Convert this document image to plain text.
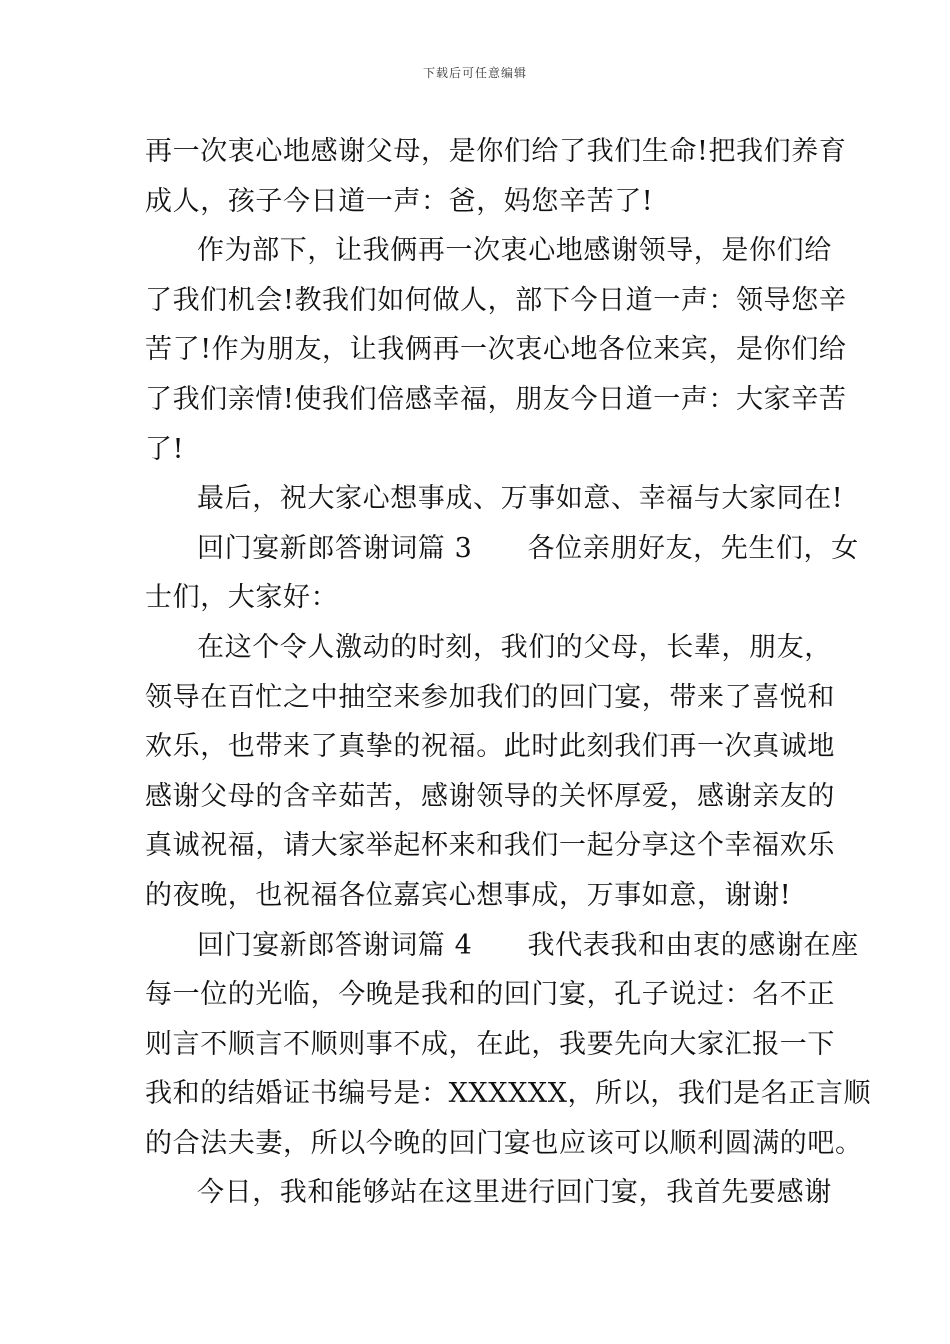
下载后可任意编辑
再一次衷心地感谢父母，是你们给了我们生命!把我们养育
成人，孩子今日道一声：爸，妈您辛苦了!
作为部下，让我俩再一次衷心地感谢领导，是你们给
了我们机会!教我们如何做人，部下今日道一声：领导您辛
苦了!作为朋友，让我俩再一次衷心地各位来宾，是你们给
了我们亲情!使我们倍感幸福，朋友今日道一声：大家辛苦
了!
最后，祝大家心想事成、万事如意、幸福与大家同在!
回门宴新郎答谢词篇 3　　各位亲朋好友，先生们，女
士们，大家好：
在这个令人激动的时刻，我们的父母，长辈，朋友，
领导在百忙之中抽空来参加我们的回门宴，带来了喜悦和
欢乐，也带来了真挚的祝福。此时此刻我们再一次真诚地
感谢父母的含辛茹苦，感谢领导的关怀厚爱，感谢亲友的
真诚祝福，请大家举起杯来和我们一起分享这个幸福欢乐
的夜晚，也祝福各位嘉宾心想事成，万事如意，谢谢!
回门宴新郎答谢词篇 4　　我代表我和由衷的感谢在座
每一位的光临，今晚是我和的回门宴，孔子说过：名不正
则言不顺言不顺则事不成，在此，我要先向大家汇报一下
我和的结婚证书编号是：XXXXXX，所以，我们是名正言顺
的合法夫妻，所以今晚的回门宴也应该可以顺利圆满的吧。
今日，我和能够站在这里进行回门宴，我首先要感谢
